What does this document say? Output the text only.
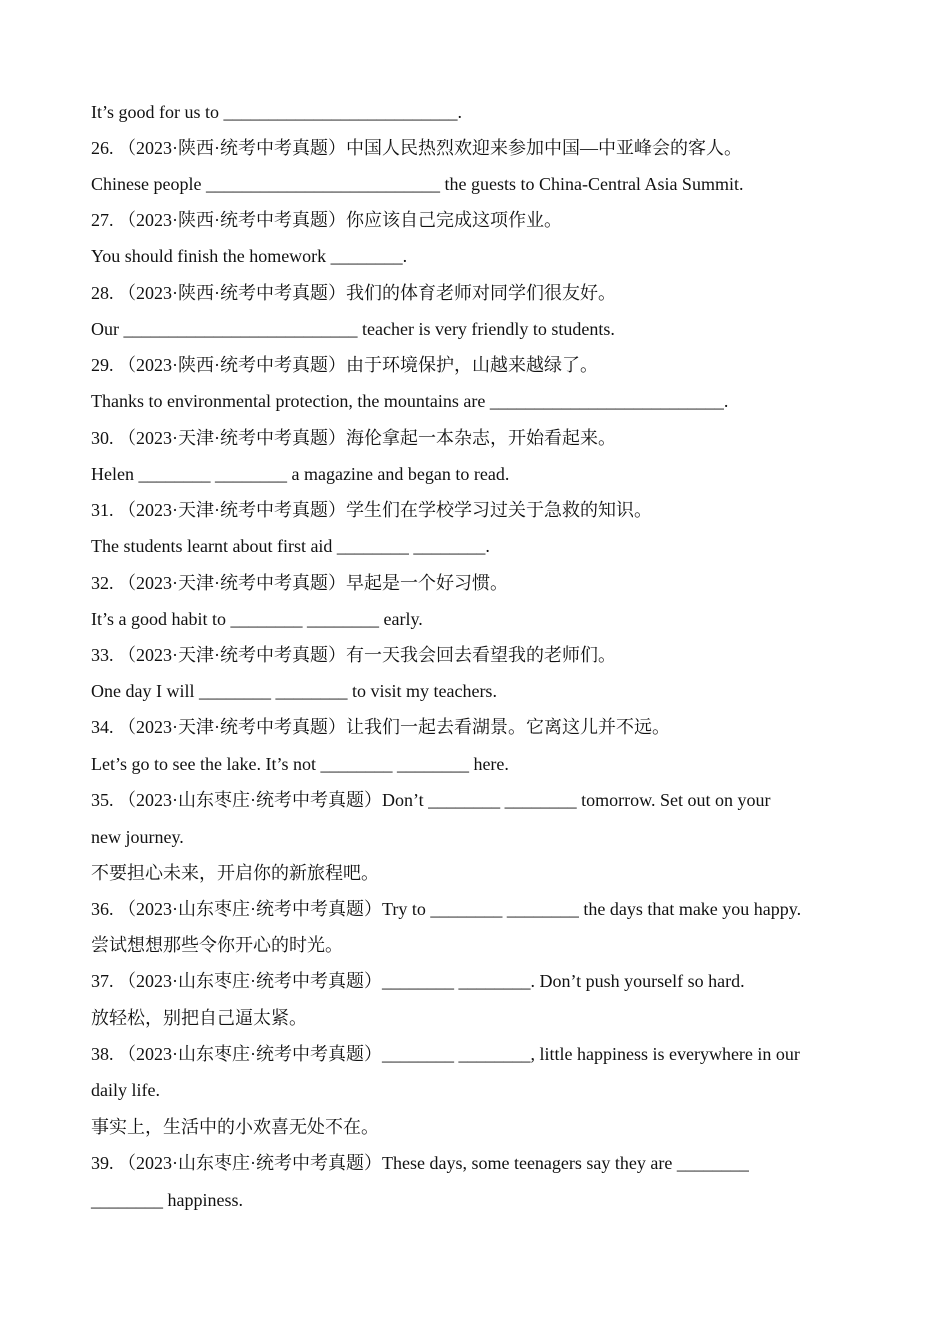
It’s good for us to __________________________.
26. （2023·陕西·统考中考真题）中国人民热烈欢迎来参加中国—中亚峰会的客人。
Chinese people __________________________ the guests to China-Central Asia Summit.
27. （2023·陕西·统考中考真题）你应该自己完成这项作业。
You should finish the homework ________.
28. （2023·陕西·统考中考真题）我们的体育老师对同学们很友好。
Our __________________________ teacher is very friendly to students.
29. （2023·陕西·统考中考真题）由于环境保护，山越来越绿了。
Thanks to environmental protection, the mountains are __________________________.
30. （2023·天津·统考中考真题）海伦拿起一本杂志，开始看起来。
Helen ________ ________ a magazine and began to read.
31. （2023·天津·统考中考真题）学生们在学校学习过关于急救的知识。
The students learnt about first aid ________ ________.
32. （2023·天津·统考中考真题）早起是一个好习惯。
It’s a good habit to ________ ________ early.
33. （2023·天津·统考中考真题）有一天我会回去看望我的老师们。
One day I will ________ ________ to visit my teachers.
34. （2023·天津·统考中考真题）让我们一起去看湖景。它离这儿并不远。
Let’s go to see the lake. It’s not ________ ________ here.
35. （2023·山东枣庄·统考中考真题）Don’t ________ ________ tomorrow. Set out on your
new journey.
不要担心未来，开启你的新旅程吧。
36. （2023·山东枣庄·统考中考真题）Try to ________ ________ the days that make you happy.
尝试想想那些令你开心的时光。
37. （2023·山东枣庄·统考中考真题）________ ________. Don’t push yourself so hard.
放轻松，别把自己逼太紧。
38. （2023·山东枣庄·统考中考真题）________ ________, little happiness is everywhere in our
daily life.
事实上，生活中的小欢喜无处不在。
39. （2023·山东枣庄·统考中考真题）These days, some teenagers say they are ________
________ happiness.
